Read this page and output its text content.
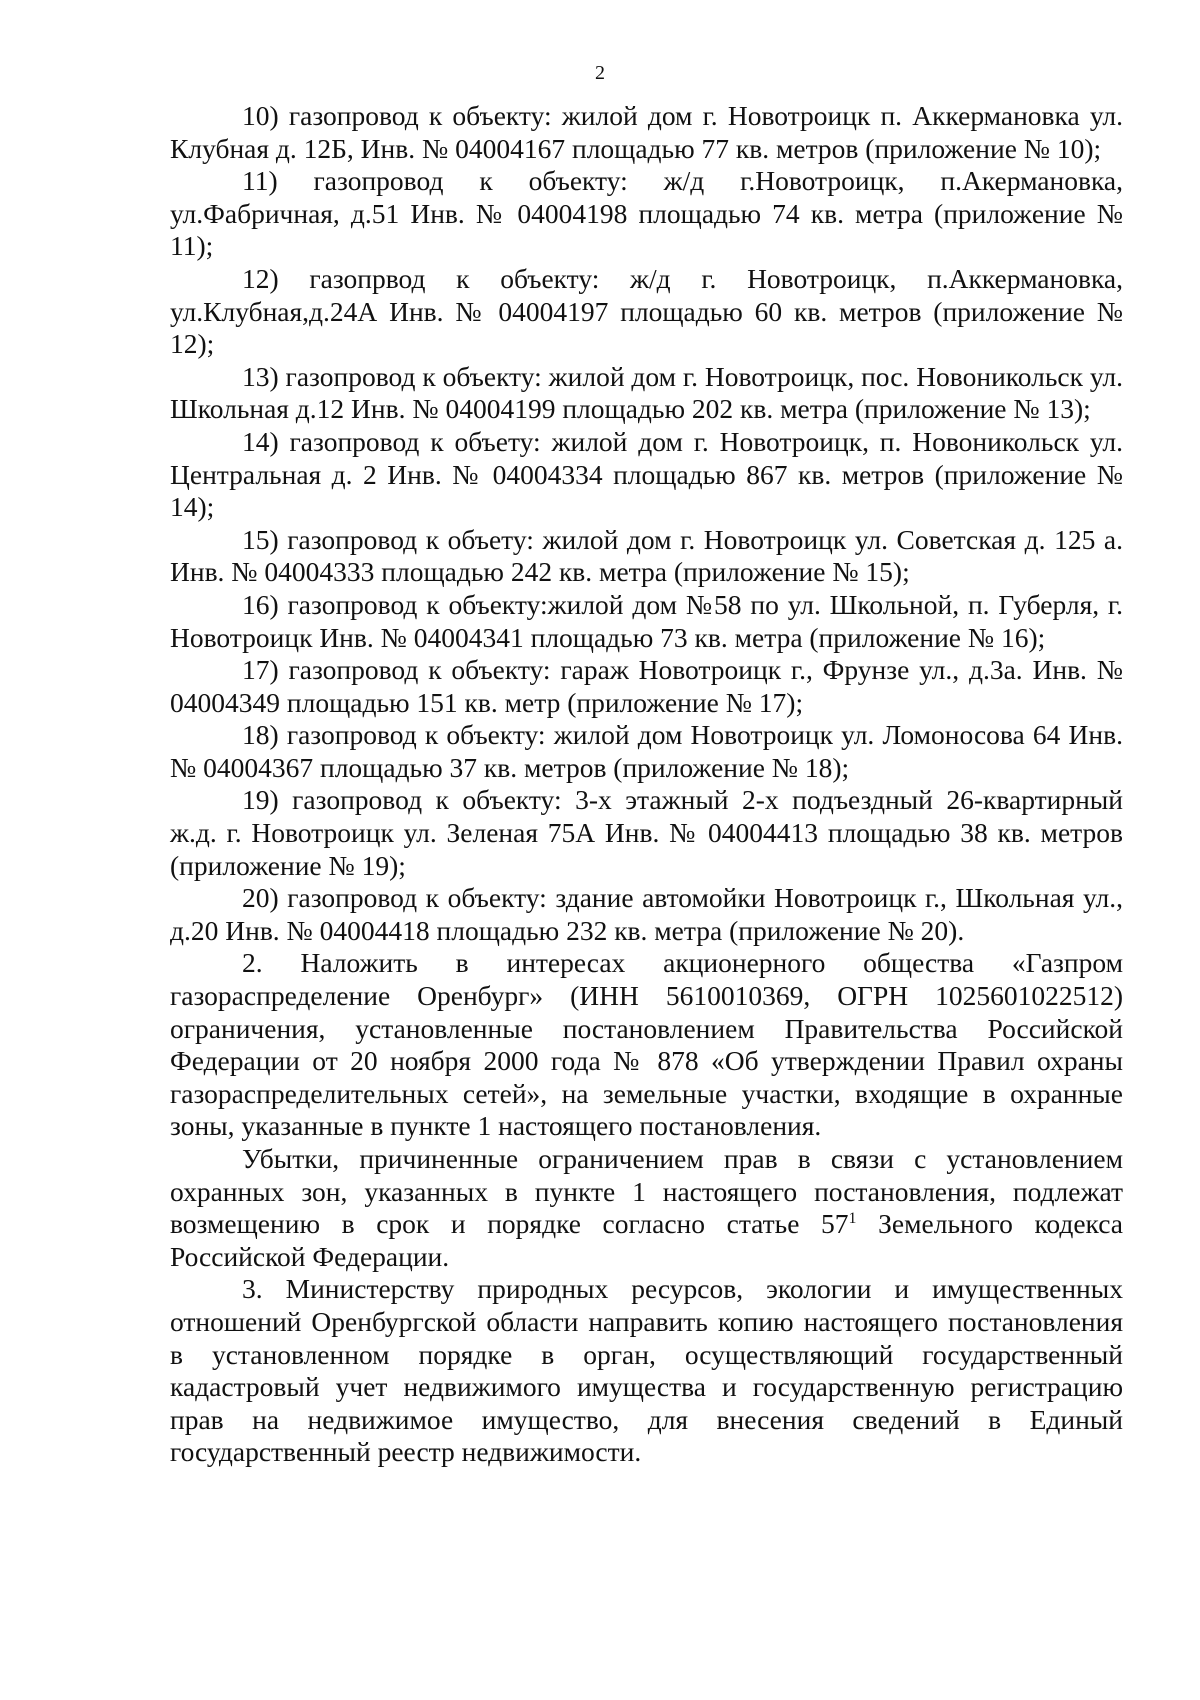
2

10) газопровод к объекту: жилой дом г. Новотроицк п. Аккермановка ул. Клубная д. 12Б, Инв. № 04004167 площадью 77 кв. метров (приложение № 10);

11) газопровод к объекту: ж/д г.Новотроицк, п.Акермановка, ул.Фабричная, д.51 Инв. № 04004198 площадью 74 кв. метра (приложение № 11);

12) газопрвод к объекту: ж/д г. Новотроицк, п.Аккермановка, ул.Клубная,д.24А Инв. № 04004197 площадью 60 кв. метров (приложение № 12);

13) газопровод к объекту: жилой дом г. Новотроицк, пос. Новоникольск ул. Школьная д.12 Инв. № 04004199 площадью 202 кв. метра (приложение № 13);

14) газопровод к объету: жилой дом г. Новотроицк, п. Новоникольск ул. Центральная д. 2 Инв. № 04004334 площадью 867 кв. метров (приложение № 14);

15) газопровод к объету: жилой дом г. Новотроицк ул. Советская д. 125 а. Инв. № 04004333 площадью 242 кв. метра (приложение № 15);

16) газопровод к объекту:жилой дом №58 по ул. Школьной, п. Губерля, г. Новотроицк Инв. № 04004341 площадью 73 кв. метра (приложение № 16);

17) газопровод к объекту: гараж Новотроицк г., Фрунзе ул., д.3а. Инв. № 04004349 площадью 151 кв. метр (приложение № 17);

18) газопровод к объекту: жилой дом Новотроицк ул. Ломоносова 64 Инв. № 04004367 площадью 37 кв. метров (приложение № 18);

19) газопровод к объекту: 3-х этажный 2-х подъездный 26-квартирный ж.д. г. Новотроицк ул. Зеленая 75А Инв. № 04004413 площадью 38 кв. метров (приложение № 19);

20) газопровод к объекту: здание автомойки Новотроицк г., Школьная ул., д.20 Инв. № 04004418 площадью 232 кв. метра (приложение № 20).

2. Наложить в интересах акционерного общества «Газпром газораспределение Оренбург» (ИНН 5610010369, ОГРН 1025601022512) ограничения, установленные постановлением Правительства Российской Федерации от 20 ноября 2000 года № 878 «Об утверждении Правил охраны газораспределительных сетей», на земельные участки, входящие в охранные зоны, указанные в пункте 1 настоящего постановления.

Убытки, причиненные ограничением прав в связи с установлением охранных зон, указанных в пункте 1 настоящего постановления, подлежат возмещению в срок и порядке согласно статье $57^1$ Земельного кодекса Российской Федерации.

3. Министерству природных ресурсов, экологии и имущественных отношений Оренбургской области направить копию настоящего постановления в установленном порядке в орган, осуществляющий государственный кадастровый учет недвижимого имущества и государственную регистрацию прав на недвижимое имущество, для внесения сведений в Единый государственный реестр недвижимости.
